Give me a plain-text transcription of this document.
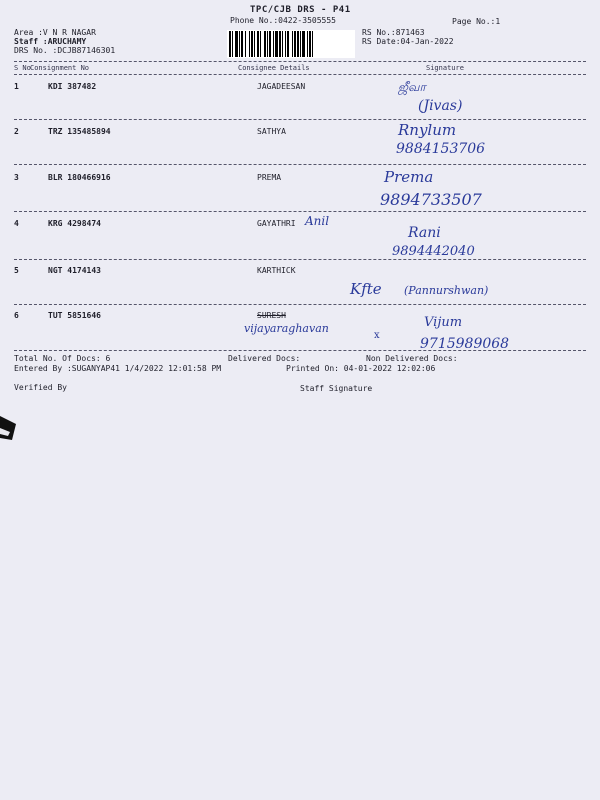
TPC/CJB DRS - P41
Phone No.:0422-3505555	Page No.:1
Area :V N R NAGAR
Staff :ARUCHAMY
DRS No. :DCJB87146301
RS No.:871463
RS Date:04-Jan-2022
S No Consignment No	Consignee Details	Signature
1	KDI 387482	JAGADEESAN	ஜீவா
(Jivas)
2	TRZ 135485894	SATHYA	Rnylum
9884153706
3	BLR 180466916	PREMA	Prema
9894733507
4	KRG 4298474	GAYATHRI Anil
Rani
9894442040
5	NGT 4174143	KARTHICK
Kfte (Pannurshwan)
6	TUT 5851646	SURESH
vijayaraghavan
x
Vijum
9715989068
Total No. Of Docs: 6	Delivered Docs:	Non Delivered Docs:
Entered By :SUGANYAP41 1/4/2022 12:01:58 PM	Printed On: 04-01-2022 12:02:06
Verified By	Staff Signature
